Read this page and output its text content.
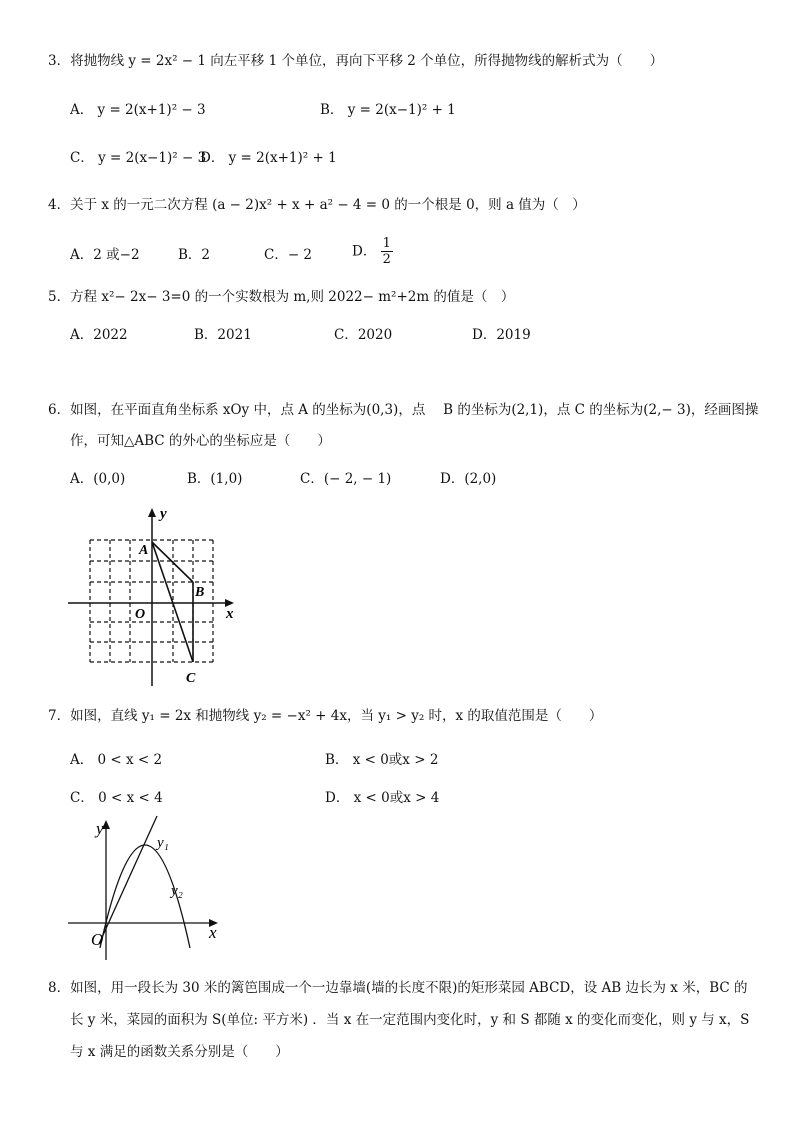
3．将抛物线 y = 2x² − 1 向左平移 1 个单位，再向下平移 2 个单位，所得抛物线的解析式为（　　）
A． y = 2(x+1)² − 3	B． y = 2(x−1)² + 1
C． y = 2(x−1)² − 3
D． y = 2(x+1)² + 1
4．关于 x 的一元二次方程 (a − 2)x² + x + a² − 4 = 0 的一个根是 0，则 a 值为（　）
A．2 或−2	B．2	C．− 2	D． $\frac{1}{2}$
5．方程 x²− 2x− 3=0 的一个实数根为 m,则 2022− m²+2m 的值是（　）
A．2022	B．2021	C．2020	D．2019
6．如图，在平面直角坐标系 xOy 中，点 A 的坐标为(0,3)，点　 B 的坐标为(2,1)，点 C 的坐标为(2,− 3)，经画图操
作，可知△ABC 的外心的坐标应是（　　）
A．(0,0)	B．(1,0)	C．(− 2, − 1)	D．(2,0)
y
x
O
A
B
C
7．如图，直线 y₁ = 2x 和抛物线 y₂ = −x² + 4x，当 y₁ > y₂ 时，x 的取值范围是（　　）
A． 0 < x < 2	B． x < 0或x > 2
C． 0 < x < 4	D． x < 0或x > 4
y
x
O
y₁
y₂
8．如图，用一段长为 30 米的篱笆围成一个一边靠墙(墙的长度不限)的矩形菜园 ABCD，设 AB 边长为 x 米，BC 的
长 y 米，菜园的面积为 S(单位: 平方米) ．当 x 在一定范围内变化时，y 和 S 都随 x 的变化而变化，则 y 与 x，S
与 x 满足的函数关系分别是（　　）
